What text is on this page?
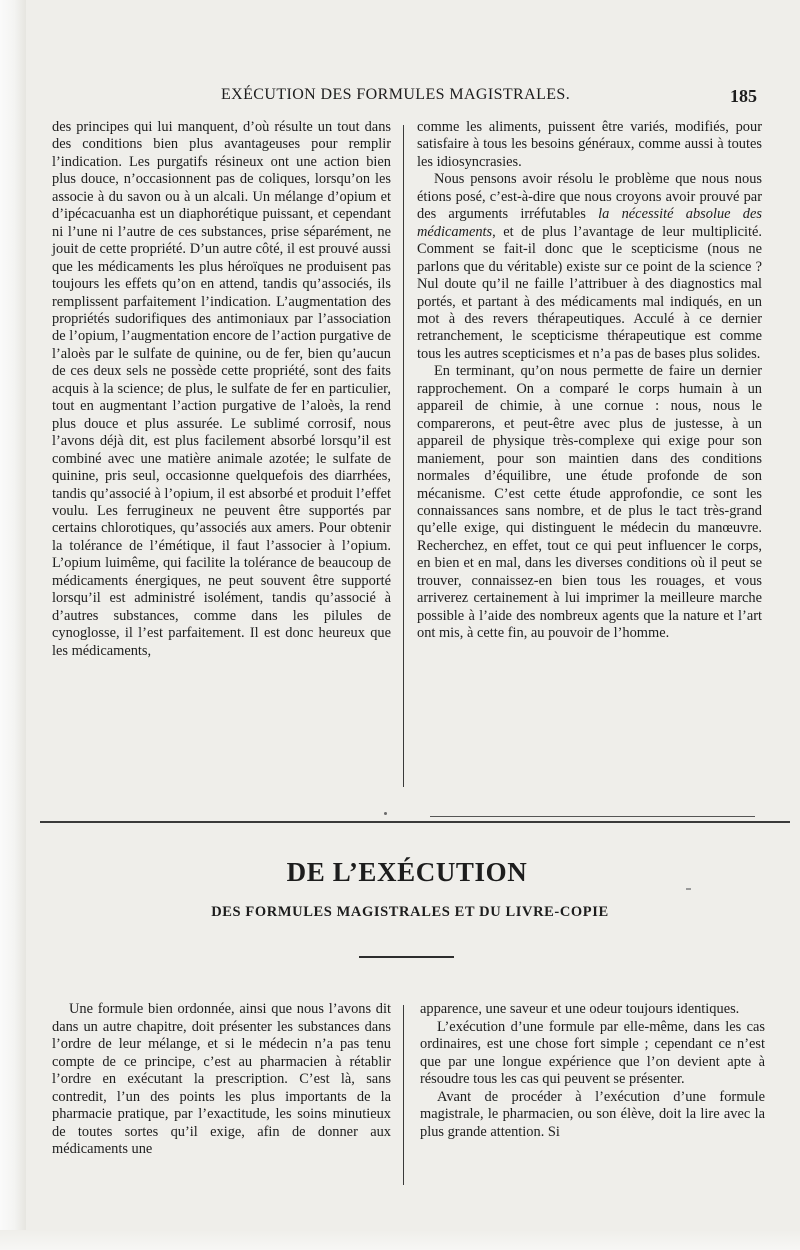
EXÉCUTION DES FORMULES MAGISTRALES.	185

des principes qui lui manquent, d’où résulte un tout dans des conditions bien plus avantageuses pour remplir l’indication. Les purgatifs résineux ont une action bien plus douce, n’occasionnent pas de coliques, lorsqu’on les associe à du savon ou à un alcali. Un mélange d’opium et d’ipécacuanha est un diaphorétique puissant, et cependant ni l’une ni l’autre de ces substances, prise séparément, ne jouit de cette propriété. D’un autre côté, il est prouvé aussi que les médicaments les plus héroïques ne produisent pas toujours les effets qu’on en attend, tandis qu’associés, ils remplissent parfaitement l’indication. L’augmentation des propriétés sudorifiques des antimoniaux par l’association de l’opium, l’augmentation encore de l’action purgative de l’aloès par le sulfate de quinine, ou de fer, bien qu’aucun de ces deux sels ne possède cette propriété, sont des faits acquis à la science; de plus, le sulfate de fer en particulier, tout en augmentant l’action purgative de l’aloès, la rend plus douce et plus assurée. Le sublimé corrosif, nous l’avons déjà dit, est plus facilement absorbé lorsqu’il est combiné avec une matière animale azotée; le sulfate de quinine, pris seul, occasionne quelquefois des diarrhées, tandis qu’associé à l’opium, il est absorbé et produit l’effet voulu. Les ferrugineux ne peuvent être supportés par certains chlorotiques, qu’associés aux amers. Pour obtenir la tolérance de l’émétique, il faut l’associer à l’opium. L’opium luimême, qui facilite la tolérance de beaucoup de médicaments énergiques, ne peut souvent être supporté lorsqu’il est administré isolément, tandis qu’associé à d’autres substances, comme dans les pilules de cynoglosse, il l’est parfaitement. Il est donc heureux que les médicaments,

comme les aliments, puissent être variés, modifiés, pour satisfaire à tous les besoins généraux, comme aussi à toutes les idiosyncrasies.

Nous pensons avoir résolu le problème que nous nous étions posé, c’est-à-dire que nous croyons avoir prouvé par des arguments irréfutables la nécessité absolue des médicaments, et de plus l’avantage de leur multiplicité. Comment se fait-il donc que le scepticisme (nous ne parlons que du véritable) existe sur ce point de la science ? Nul doute qu’il ne faille l’attribuer à des diagnostics mal portés, et partant à des médicaments mal indiqués, en un mot à des revers thérapeutiques. Acculé à ce dernier retranchement, le scepticisme thérapeutique est comme tous les autres scepticismes et n’a pas de bases plus solides.

En terminant, qu’on nous permette de faire un dernier rapprochement. On a comparé le corps humain à un appareil de chimie, à une cornue : nous, nous le comparerons, et peut-être avec plus de justesse, à un appareil de physique très-complexe qui exige pour son maniement, pour son maintien dans des conditions normales d’équilibre, une étude profonde de son mécanisme. C’est cette étude approfondie, ce sont les connaissances sans nombre, et de plus le tact très-grand qu’elle exige, qui distinguent le médecin du manœuvre. Recherchez, en effet, tout ce qui peut influencer le corps, en bien et en mal, dans les diverses conditions où il peut se trouver, connaissez-en bien tous les rouages, et vous arriverez certainement à lui imprimer la meilleure marche possible à l’aide des nombreux agents que la nature et l’art ont mis, à cette fin, au pouvoir de l’homme.

DE L’EXÉCUTION
DES FORMULES MAGISTRALES ET DU LIVRE-COPIE

Une formule bien ordonnée, ainsi que nous l’avons dit dans un autre chapitre, doit présenter les substances dans l’ordre de leur mélange, et si le médecin n’a pas tenu compte de ce principe, c’est au pharmacien à rétablir l’ordre en exécutant la prescription. C’est là, sans contredit, l’un des points les plus importants de la pharmacie pratique, par l’exactitude, les soins minutieux de toutes sortes qu’il exige, afin de donner aux médicaments une

apparence, une saveur et une odeur toujours identiques.

L’exécution d’une formule par elle-même, dans les cas ordinaires, est une chose fort simple ; cependant ce n’est que par une longue expérience que l’on devient apte à résoudre tous les cas qui peuvent se présenter.

Avant de procéder à l’exécution d’une formule magistrale, le pharmacien, ou son élève, doit la lire avec la plus grande attention. Si
